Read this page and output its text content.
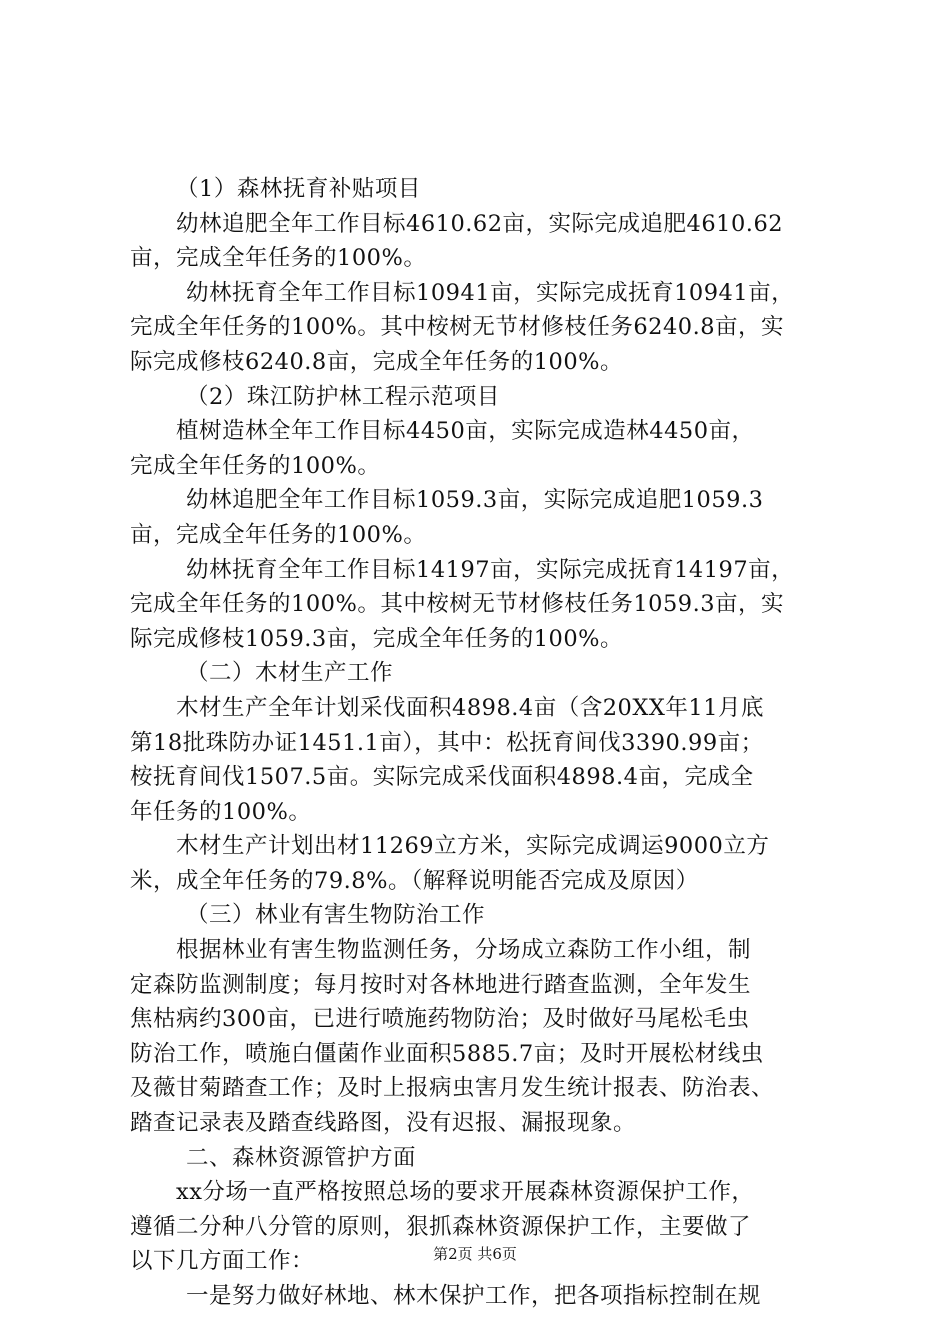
（1）森林抚育补贴项目
幼林追肥全年工作目标4610.62亩，实际完成追肥4610.62
亩，完成全年任务的100%。
幼林抚育全年工作目标10941亩，实际完成抚育10941亩，
完成全年任务的100%。其中桉树无节材修枝任务6240.8亩，实
际完成修枝6240.8亩，完成全年任务的100%。
（2）珠江防护林工程示范项目
植树造林全年工作目标4450亩，实际完成造林4450亩，
完成全年任务的100%。
幼林追肥全年工作目标1059.3亩，实际完成追肥1059.3
亩，完成全年任务的100%。
幼林抚育全年工作目标14197亩，实际完成抚育14197亩，
完成全年任务的100%。其中桉树无节材修枝任务1059.3亩，实
际完成修枝1059.3亩，完成全年任务的100%。
（二）木材生产工作
木材生产全年计划采伐面积4898.4亩（含20XX年11月底
第18批珠防办证1451.1亩），其中：松抚育间伐3390.99亩；
桉抚育间伐1507.5亩。实际完成采伐面积4898.4亩，完成全
年任务的100%。
木材生产计划出材11269立方米，实际完成调运9000立方
米，成全年任务的79.8%。（解释说明能否完成及原因）
（三）林业有害生物防治工作
根据林业有害生物监测任务，分场成立森防工作小组，制
定森防监测制度；每月按时对各林地进行踏查监测，全年发生
焦枯病约300亩，已进行喷施药物防治；及时做好马尾松毛虫
防治工作，喷施白僵菌作业面积5885.7亩；及时开展松材线虫
及薇甘菊踏查工作；及时上报病虫害月发生统计报表、防治表、
踏查记录表及踏查线路图，没有迟报、漏报现象。
二、森林资源管护方面
xx分场一直严格按照总场的要求开展森林资源保护工作，
遵循二分种八分管的原则，狠抓森林资源保护工作，主要做了
以下几方面工作：
一是努力做好林地、林木保护工作，把各项指标控制在规
第2页 共6页
